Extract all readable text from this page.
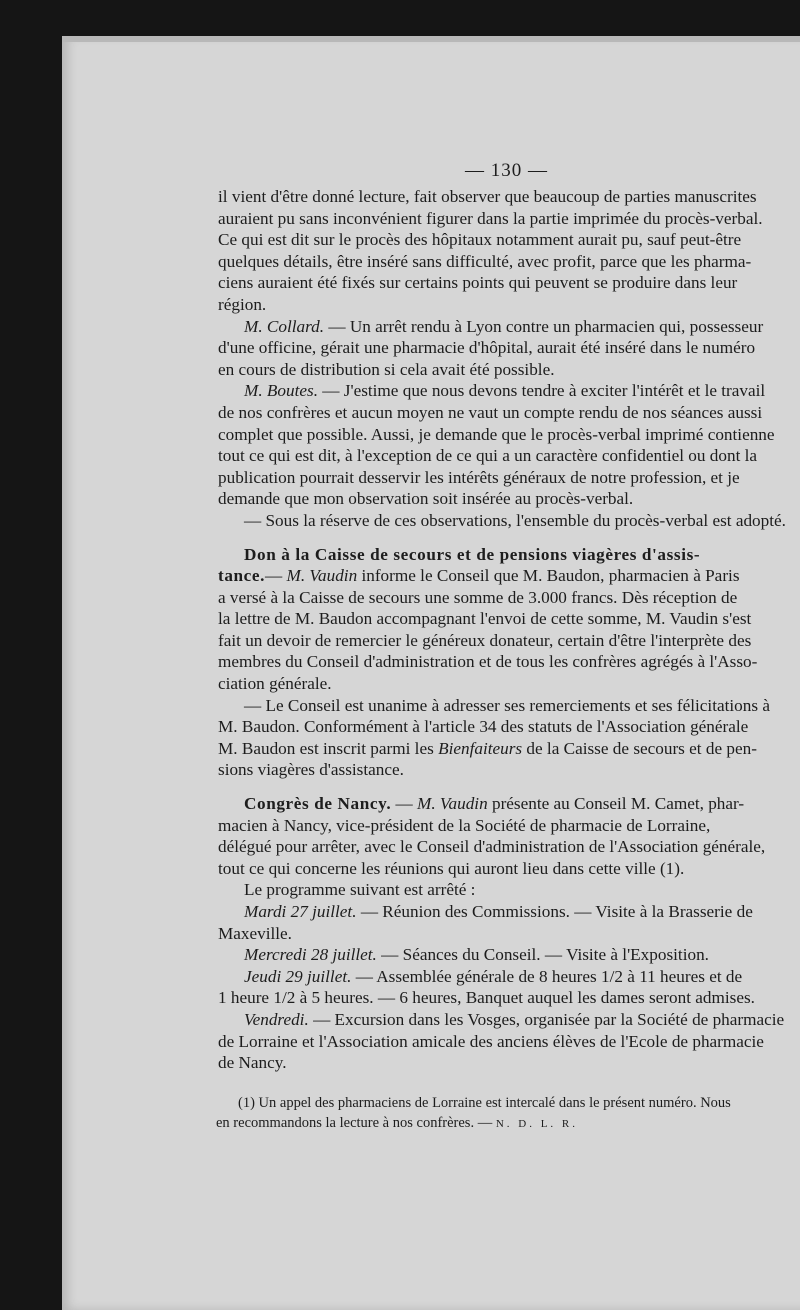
— 130 —
il vient d'être donné lecture, fait observer que beaucoup de parties manuscrites
auraient pu sans inconvénient figurer dans la partie imprimée du procès-verbal.
Ce qui est dit sur le procès des hôpitaux notamment aurait pu, sauf peut-être
quelques détails, être inséré sans difficulté, avec profit, parce que les pharma-
ciens auraient été fixés sur certains points qui peuvent se produire dans leur
région.
M. Collard. — Un arrêt rendu à Lyon contre un pharmacien qui, possesseur
d'une officine, gérait une pharmacie d'hôpital, aurait été inséré dans le numéro
en cours de distribution si cela avait été possible.
M. Boutes. — J'estime que nous devons tendre à exciter l'intérêt et le travail
de nos confrères et aucun moyen ne vaut un compte rendu de nos séances aussi
complet que possible. Aussi, je demande que le procès-verbal imprimé contienne
tout ce qui est dit, à l'exception de ce qui a un caractère confidentiel ou dont la
publication pourrait desservir les intérêts généraux de notre profession, et je
demande que mon observation soit insérée au procès-verbal.
— Sous la réserve de ces observations, l'ensemble du procès-verbal est adopté.
Don à la Caisse de secours et de pensions viagères d'assis-
tance.— M. Vaudin informe le Conseil que M. Baudon, pharmacien à Paris
a versé à la Caisse de secours une somme de 3.000 francs. Dès réception de
la lettre de M. Baudon accompagnant l'envoi de cette somme, M. Vaudin s'est
fait un devoir de remercier le généreux donateur, certain d'être l'interprète des
membres du Conseil d'administration et de tous les confrères agrégés à l'Asso-
ciation générale.
— Le Conseil est unanime à adresser ses remerciements et ses félicitations à
M. Baudon. Conformément à l'article 34 des statuts de l'Association générale
M. Baudon est inscrit parmi les Bienfaiteurs de la Caisse de secours et de pen-
sions viagères d'assistance.
Congrès de Nancy. — M. Vaudin présente au Conseil M. Camet, phar-
macien à Nancy, vice-président de la Société de pharmacie de Lorraine,
délégué pour arrêter, avec le Conseil d'administration de l'Association générale,
tout ce qui concerne les réunions qui auront lieu dans cette ville (1).
Le programme suivant est arrêté :
Mardi 27 juillet. — Réunion des Commissions. — Visite à la Brasserie de
Maxeville.
Mercredi 28 juillet. — Séances du Conseil. — Visite à l'Exposition.
Jeudi 29 juillet. — Assemblée générale de 8 heures 1/2 à 11 heures et de
1 heure 1/2 à 5 heures. — 6 heures, Banquet auquel les dames seront admises.
Vendredi. — Excursion dans les Vosges, organisée par la Société de pharmacie
de Lorraine et l'Association amicale des anciens élèves de l'Ecole de pharmacie
de Nancy.
(1) Un appel des pharmaciens de Lorraine est intercalé dans le présent numéro. Nous
en recommandons la lecture à nos confrères. — N. D. L. R.
